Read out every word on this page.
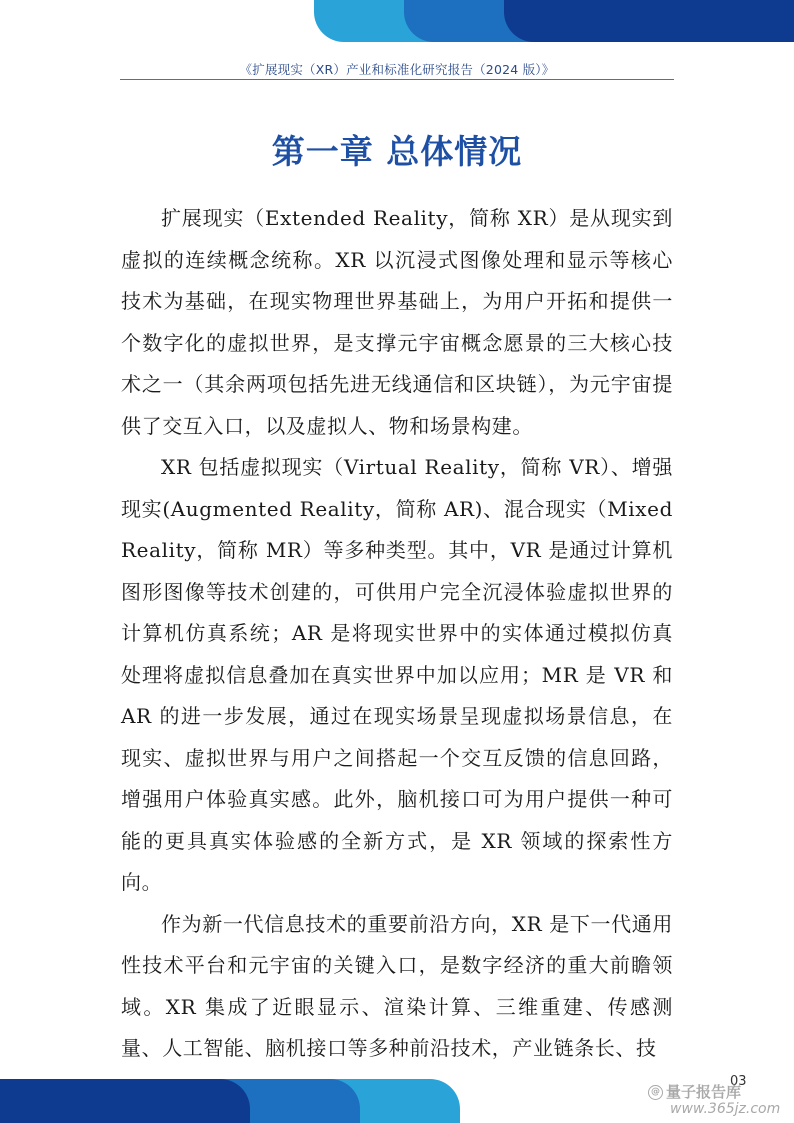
《扩展现实（XR）产业和标准化研究报告（2024 版）》
第一章 总体情况

扩展现实（Extended Reality，简称 XR）是从现实到虚拟的连续概念统称。XR 以沉浸式图像处理和显示等核心技术为基础，在现实物理世界基础上，为用户开拓和提供一个数字化的虚拟世界，是支撑元宇宙概念愿景的三大核心技术之一（其余两项包括先进无线通信和区块链），为元宇宙提供了交互入口，以及虚拟人、物和场景构建。

XR 包括虚拟现实（Virtual Reality，简称 VR）、增强现实(Augmented Reality，简称 AR)、混合现实（Mixed Reality，简称 MR）等多种类型。其中，VR 是通过计算机图形图像等技术创建的，可供用户完全沉浸体验虚拟世界的计算机仿真系统；AR 是将现实世界中的实体通过模拟仿真处理将虚拟信息叠加在真实世界中加以应用；MR 是 VR 和 AR 的进一步发展，通过在现实场景呈现虚拟场景信息，在现实、虚拟世界与用户之间搭起一个交互反馈的信息回路，增强用户体验真实感。此外，脑机接口可为用户提供一种可能的更具真实体验感的全新方式，是 XR 领域的探索性方向。

作为新一代信息技术的重要前沿方向，XR 是下一代通用性技术平台和元宇宙的关键入口，是数字经济的重大前瞻领域。XR 集成了近眼显示、渲染计算、三维重建、传感测量、人工智能、脑机接口等多种前沿技术，产业链条长、技

03
@ 量子报告库
www.365jz.com
